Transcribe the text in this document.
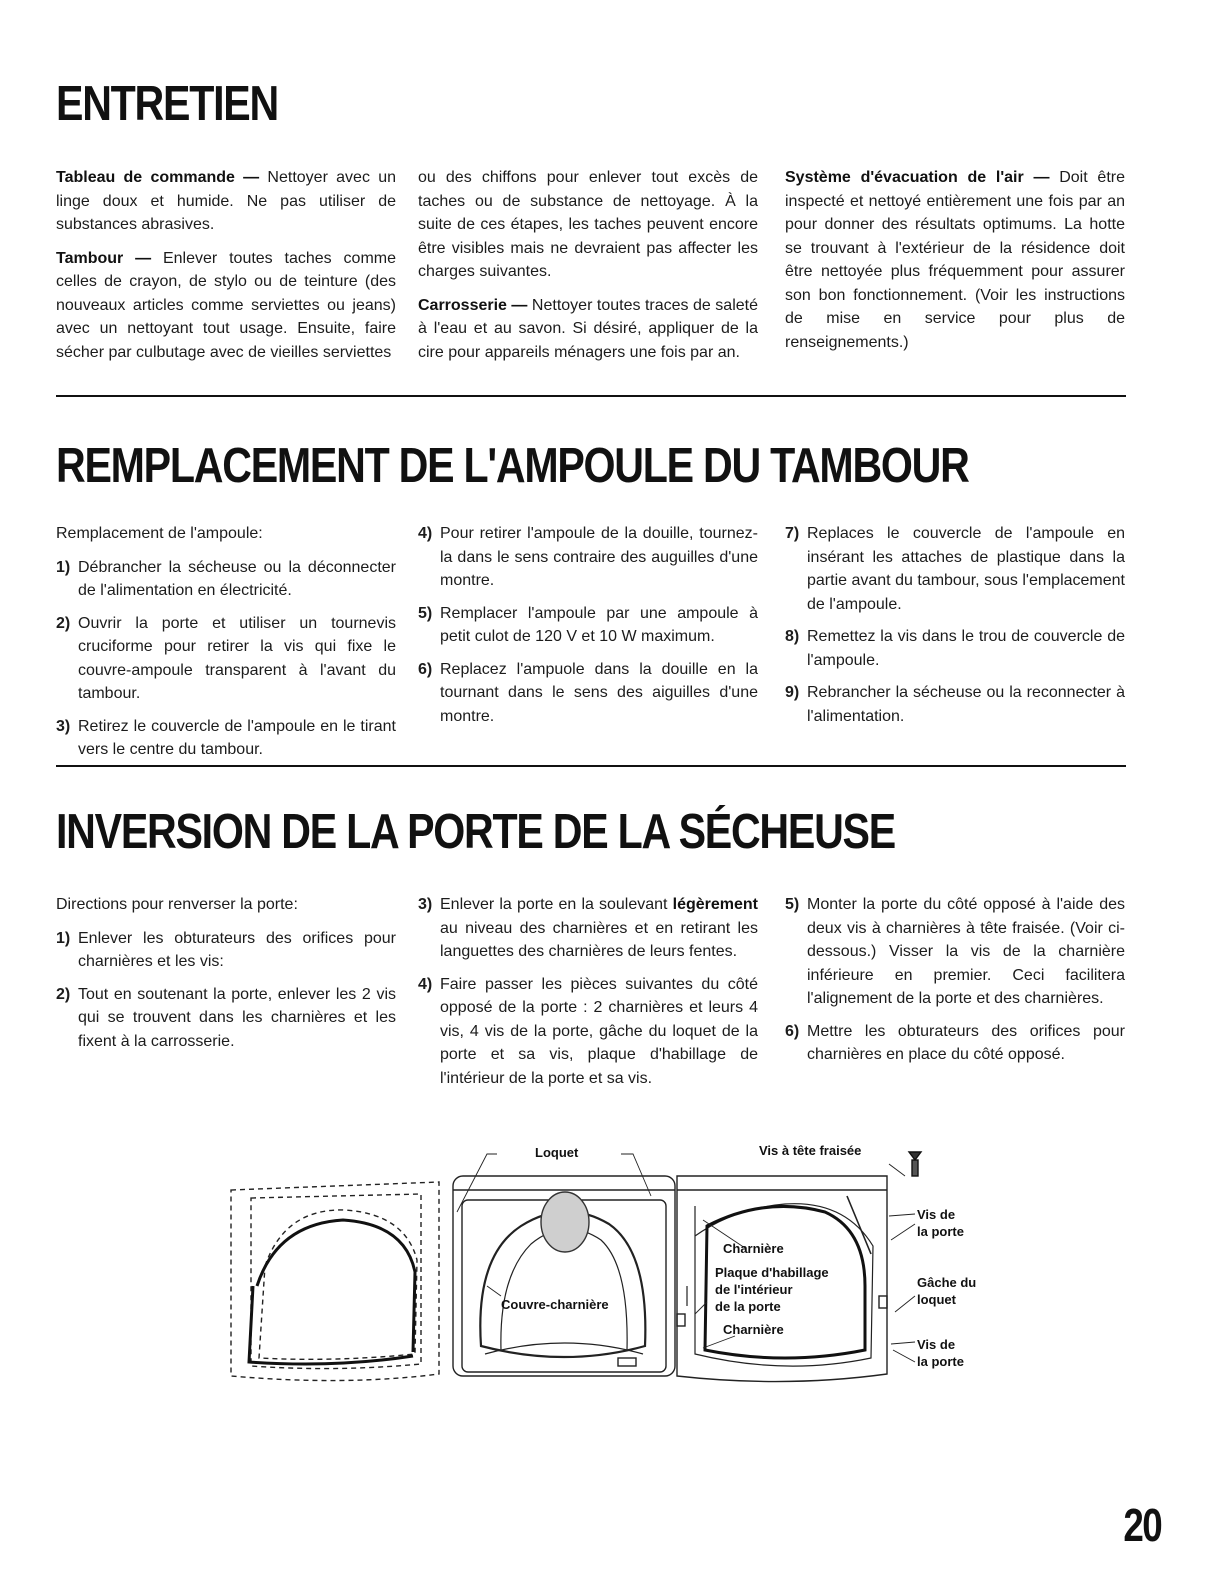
ENTRETIEN

Tableau de commande — Nettoyer avec un linge doux et humide. Ne pas utiliser de substances abrasives.

Tambour — Enlever toutes taches comme celles de crayon, de stylo ou de teinture (des nouveaux articles comme serviettes ou jeans) avec un nettoyant tout usage. Ensuite, faire sécher par culbutage avec de vieilles serviettes

ou des chiffons pour enlever tout excès de taches ou de substance de nettoyage. À la suite de ces étapes, les taches peuvent encore être visibles mais ne devraient pas affecter les charges suivantes.

Carrosserie — Nettoyer toutes traces de saleté à l'eau et au savon. Si désiré, appliquer de la cire pour appareils ménagers une fois par an.

Système d'évacuation de l'air — Doit être inspecté et nettoyé entièrement une fois par an pour donner des résultats optimums. La hotte se trouvant à l'extérieur de la résidence doit être nettoyée plus fréquemment pour assurer son bon fonctionnement. (Voir les instructions de mise en service pour plus de renseignements.)

REMPLACEMENT DE L'AMPOULE DU TAMBOUR

Remplacement de l'ampoule:

1) Débrancher la sécheuse ou la déconnecter de l'alimentation en électricité.
2) Ouvrir la porte et utiliser un tournevis cruciforme pour retirer la vis qui fixe le couvre-ampoule transparent à l'avant du tambour.
3) Retirez le couvercle de l'ampoule en le tirant vers le centre du tambour.
4) Pour retirer l'ampoule de la douille, tournez-la dans le sens contraire des auguilles d'une montre.
5) Remplacer l'ampoule par une ampoule à petit culot de 120 V et 10 W maximum.
6) Replacez l'ampuole dans la douille en la tournant dans le sens des aiguilles d'une montre.
7) Replaces le couvercle de l'ampoule en insérant les attaches de plastique dans la partie avant du tambour, sous l'emplacement de l'ampoule.
8) Remettez la vis dans le trou de couvercle de l'ampoule.
9) Rebrancher la sécheuse ou la reconnecter à l'alimentation.
INVERSION DE LA PORTE DE LA SÉCHEUSE

Directions pour renverser la porte:

1) Enlever les obturateurs des orifices pour charnières et les vis:
2) Tout en soutenant la porte, enlever les 2 vis qui se trouvent dans les charnières et les fixent à la carrosserie.
3) Enlever la porte en la soulevant légèrement au niveau des charnières et en retirant les languettes des charnières de leurs fentes.
4) Faire passer les pièces suivantes du côté opposé de la porte : 2 charnières et leurs 4 vis, 4 vis de la porte, gâche du loquet de la porte et sa vis, plaque d'habillage de l'intérieur de la porte et sa vis.
5) Monter la porte du côté opposé à l'aide des deux vis à charnières à tête fraisée. (Voir ci-dessous.) Visser la vis de la charnière inférieure en premier. Ceci facilitera l'alignement de la porte et des charnières.
6) Mettre les obturateurs des orifices pour charnières en place du côté opposé.
Loquet	Vis à tête fraisée
Vis de
la porte
Charnière
Plaque d'habillage
de l'intérieur
de la porte
Couvre-charnière
Gâche du
loquet
Charnière
Vis de
la porte
20
